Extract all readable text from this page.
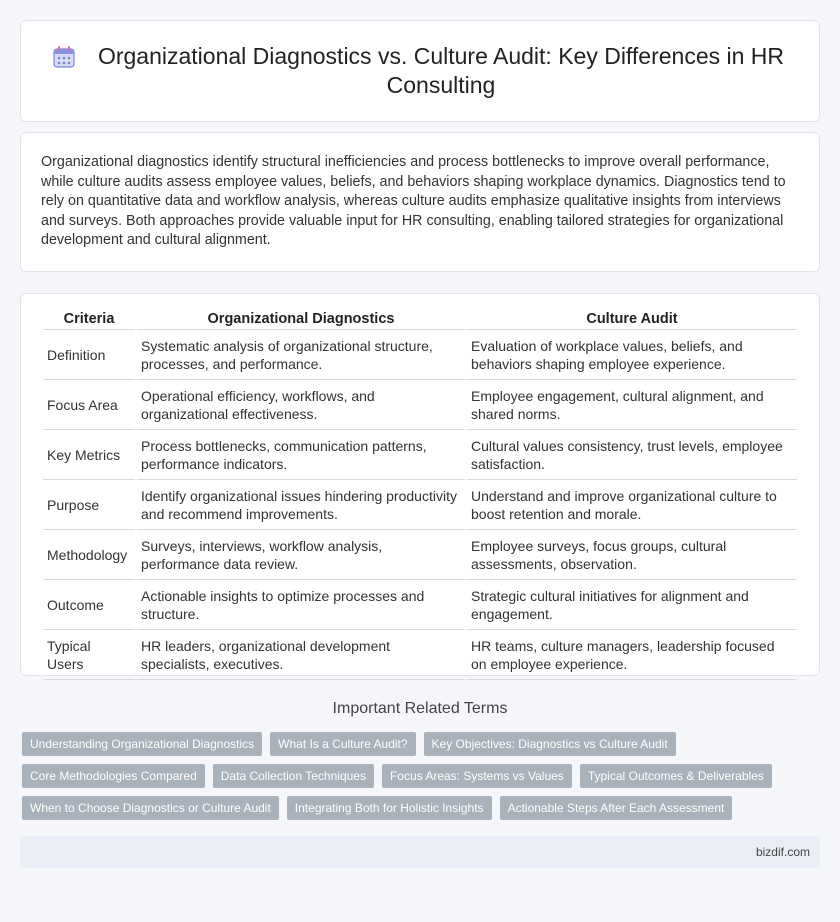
Organizational Diagnostics vs. Culture Audit: Key Differences in HR Consulting

Organizational diagnostics identify structural inefficiencies and process bottlenecks to improve overall performance, while culture audits assess employee values, beliefs, and behaviors shaping workplace dynamics. Diagnostics tend to rely on quantitative data and workflow analysis, whereas culture audits emphasize qualitative insights from interviews and surveys. Both approaches provide valuable input for HR consulting, enabling tailored strategies for organizational development and cultural alignment.

Criteria	Organizational Diagnostics	Culture Audit
Definition	Systematic analysis of organizational structure, processes, and performance.	Evaluation of workplace values, beliefs, and behaviors shaping employee experience.
Focus Area	Operational efficiency, workflows, and organizational effectiveness.	Employee engagement, cultural alignment, and shared norms.
Key Metrics	Process bottlenecks, communication patterns, performance indicators.	Cultural values consistency, trust levels, employee satisfaction.
Purpose	Identify organizational issues hindering productivity and recommend improvements.	Understand and improve organizational culture to boost retention and morale.
Methodology	Surveys, interviews, workflow analysis, performance data review.	Employee surveys, focus groups, cultural assessments, observation.
Outcome	Actionable insights to optimize processes and structure.	Strategic cultural initiatives for alignment and engagement.
Typical Users	HR leaders, organizational development specialists, executives.	HR teams, culture managers, leadership focused on employee experience.
Important Related Terms
Understanding Organizational Diagnostics	What Is a Culture Audit?	Key Objectives: Diagnostics vs Culture Audit
Core Methodologies Compared	Data Collection Techniques	Focus Areas: Systems vs Values	Typical Outcomes & Deliverables
When to Choose Diagnostics or Culture Audit	Integrating Both for Holistic Insights	Actionable Steps After Each Assessment
bizdif.com
